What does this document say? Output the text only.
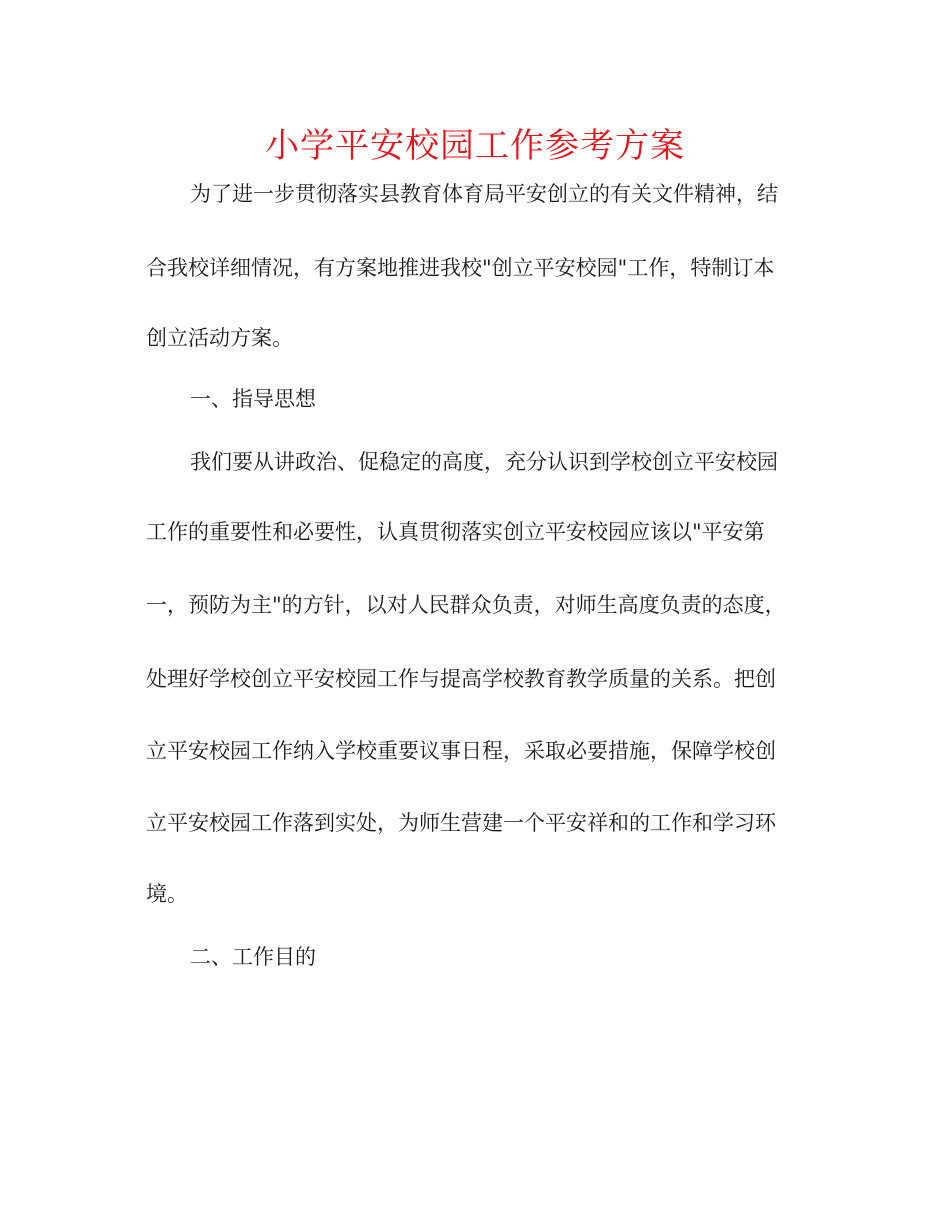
小学平安校园工作参考方案
为了进一步贯彻落实县教育体育局平安创立的有关文件精神，结
合我校详细情况，有方案地推进我校"创立平安校园"工作，特制订本
创立活动方案。
一、指导思想
我们要从讲政治、促稳定的高度，充分认识到学校创立平安校园
工作的重要性和必要性，认真贯彻落实创立平安校园应该以"平安第
一，预防为主"的方针，以对人民群众负责，对师生高度负责的态度，
处理好学校创立平安校园工作与提高学校教育教学质量的关系。把创
立平安校园工作纳入学校重要议事日程，采取必要措施，保障学校创
立平安校园工作落到实处，为师生营建一个平安祥和的工作和学习环
境。
二、工作目的
